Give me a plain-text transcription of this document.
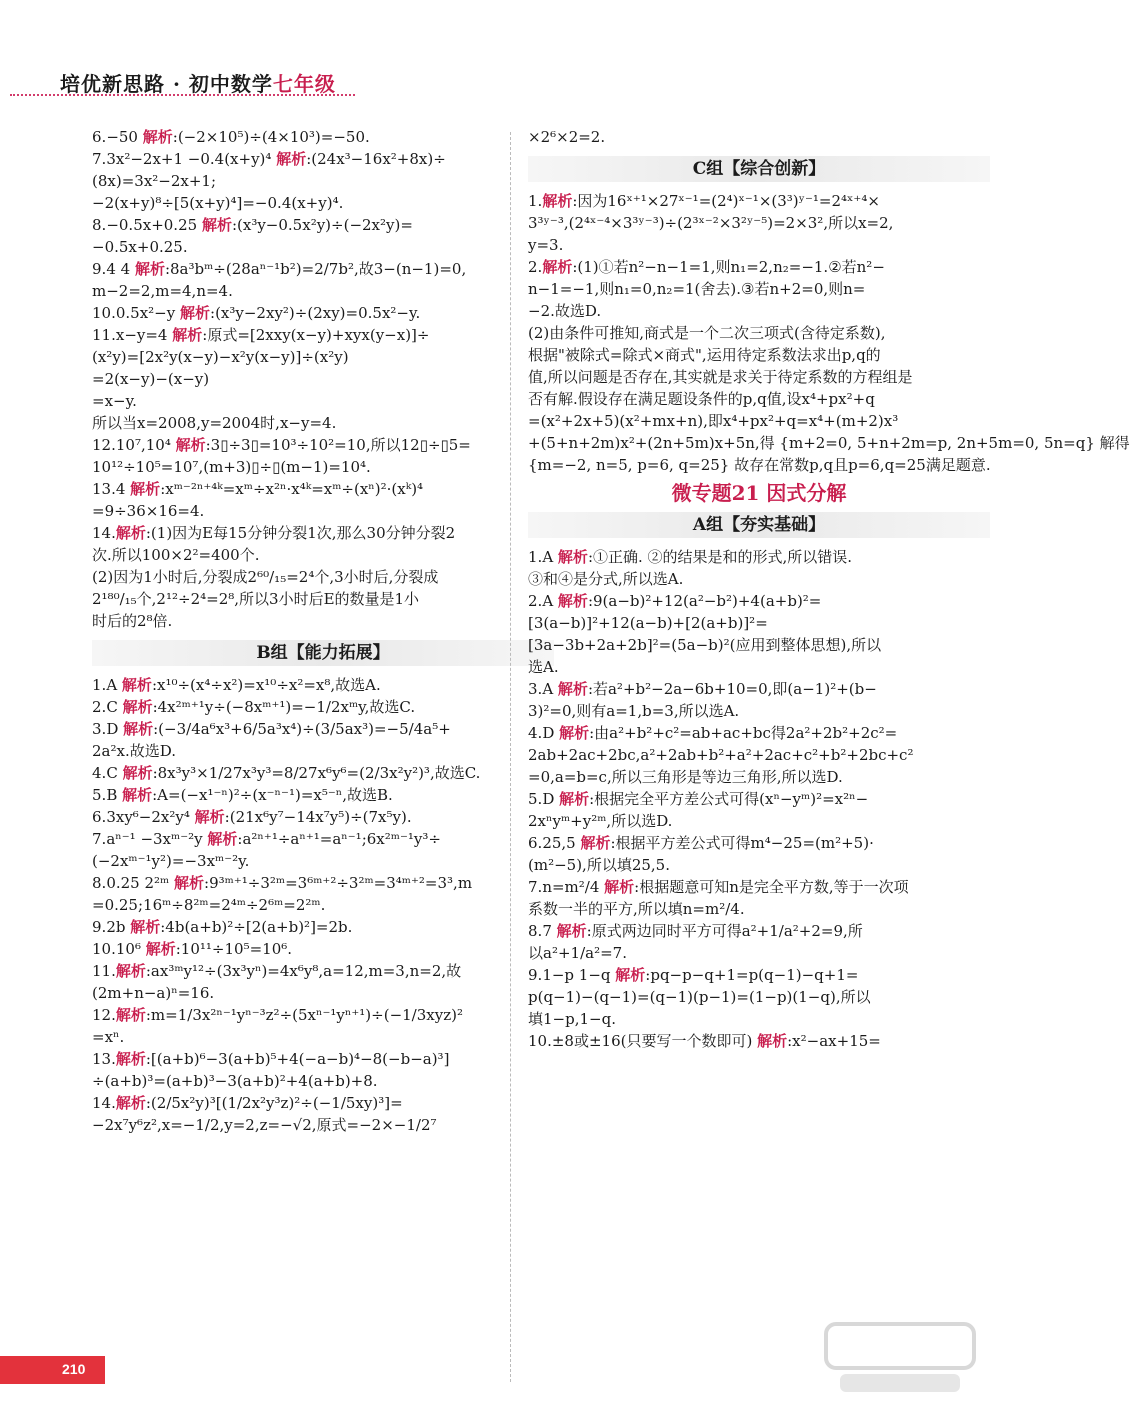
培优新思路 · 初中数学七年级

6.−50 解析:(−2×10⁵)÷(4×10³)=−50.

7.3x²−2x+1 −0.4(x+y)⁴ 解析:(24x³−16x²+8x)÷

(8x)=3x²−2x+1;

−2(x+y)⁸÷[5(x+y)⁴]=−0.4(x+y)⁴.

8.−0.5x+0.25 解析:(x³y−0.5x²y)÷(−2x²y)=

−0.5x+0.25.

9.4 4 解析:8a³bᵐ÷(28aⁿ⁻¹b²)=2/7b²,故3−(n−1)=0,

m−2=2,m=4,n=4.

10.0.5x²−y 解析:(x³y−2xy²)÷(2xy)=0.5x²−y.

11.x−y=4 解析:原式=[2xxy(x−y)+xyx(y−x)]÷

(x²y)=[2x²y(x−y)−x²y(x−y)]÷(x²y)

=2(x−y)−(x−y)

=x−y.

所以当x=2008,y=2004时,x−y=4.

12.10⁷,10⁴ 解析:3▯÷3▯=10³÷10²=10,所以12▯÷▯5=

10¹²÷10⁵=10⁷,(m+3)▯÷▯(m−1)=10⁴.

13.4 解析:xᵐ⁻²ⁿ⁺⁴ᵏ=xᵐ÷x²ⁿ·x⁴ᵏ=xᵐ÷(xⁿ)²·(xᵏ)⁴

=9÷36×16=4.

14.解析:(1)因为E每15分钟分裂1次,那么30分钟分裂2

次.所以100×2²=400个.

(2)因为1小时后,分裂成2⁶⁰/₁₅=2⁴个,3小时后,分裂成

2¹⁸⁰/₁₅个,2¹²÷2⁴=2⁸,所以3小时后E的数量是1小

时后的2⁸倍.

B组【能力拓展】

1.A 解析:x¹⁰÷(x⁴÷x²)=x¹⁰÷x²=x⁸,故选A.

2.C 解析:4x²ᵐ⁺¹y÷(−8xᵐ⁺¹)=−1/2xᵐy,故选C.

3.D 解析:(−3/4a⁶x³+6/5a³x⁴)÷(3/5ax³)=−5/4a⁵+

2a²x.故选D.

4.C 解析:8x³y³×1/27x³y³=8/27x⁶y⁶=(2/3x²y²)³,故选C.

5.B 解析:A=(−x¹⁻ⁿ)²÷(x⁻ⁿ⁻¹)=x⁵⁻ⁿ,故选B.

6.3xy⁶−2x²y⁴ 解析:(21x⁶y⁷−14x⁷y⁵)÷(7x⁵y).

7.aⁿ⁻¹ −3xᵐ⁻²y 解析:a²ⁿ⁺¹÷aⁿ⁺¹=aⁿ⁻¹;6x²ᵐ⁻¹y³÷

(−2xᵐ⁻¹y²)=−3xᵐ⁻²y.

8.0.25 2²ᵐ 解析:9³ᵐ⁺¹÷3²ᵐ=3⁶ᵐ⁺²÷3²ᵐ=3⁴ᵐ⁺²=3³,m

=0.25;16ᵐ÷8²ᵐ=2⁴ᵐ÷2⁶ᵐ=2²ᵐ.

9.2b 解析:4b(a+b)²÷[2(a+b)²]=2b.

10.10⁶ 解析:10¹¹÷10⁵=10⁶.

11.解析:ax³ᵐy¹²÷(3x³yⁿ)=4x⁶y⁸,a=12,m=3,n=2,故

(2m+n−a)ⁿ=16.

12.解析:m=1/3x²ⁿ⁻¹yⁿ⁻³z²÷(5xⁿ⁻¹yⁿ⁺¹)÷(−1/3xyz)²

=xⁿ.

13.解析:[(a+b)⁶−3(a+b)⁵+4(−a−b)⁴−8(−b−a)³]

÷(a+b)³=(a+b)³−3(a+b)²+4(a+b)+8.

14.解析:(2/5x²y)³[(1/2x²y³z)²÷(−1/5xy)³]=

−2x⁷y⁶z²,x=−1/2,y=2,z=−√2,原式=−2×−1/2⁷

×2⁶×2=2.

C组【综合创新】

1.解析:因为16ˣ⁺¹×27ˣ⁻¹=(2⁴)ˣ⁻¹×(3³)ʸ⁻¹=2⁴ˣ⁺⁴×

3³ʸ⁻³,(2⁴ˣ⁻⁴×3³ʸ⁻³)÷(2³ˣ⁻²×3²ʸ⁻⁵)=2×3²,所以x=2,

y=3.

2.解析:(1)①若n²−n−1=1,则n₁=2,n₂=−1.②若n²−

n−1=−1,则n₁=0,n₂=1(舍去).③若n+2=0,则n=

−2.故选D.

(2)由条件可推知,商式是一个二次三项式(含待定系数),

根据"被除式=除式×商式",运用待定系数法求出p,q的

值,所以问题是否存在,其实就是求关于待定系数的方程组是

否有解.假设存在满足题设条件的p,q值,设x⁴+px²+q

=(x²+2x+5)(x²+mx+n),即x⁴+px²+q=x⁴+(m+2)x³

+(5+n+2m)x²+(2n+5m)x+5n,得 {m+2=0, 5+n+2m=p, 2n+5m=0, 5n=q} 解得

{m=−2, n=5, p=6, q=25} 故存在常数p,q且p=6,q=25满足题意.

微专题21 因式分解
A组【夯实基础】

1.A 解析:①正确. ②的结果是和的形式,所以错误.

③和④是分式,所以选A.

2.A 解析:9(a−b)²+12(a²−b²)+4(a+b)²=

[3(a−b)]²+12(a−b)+[2(a+b)]²=

[3a−3b+2a+2b]²=(5a−b)²(应用到整体思想),所以

选A.

3.A 解析:若a²+b²−2a−6b+10=0,即(a−1)²+(b−

3)²=0,则有a=1,b=3,所以选A.

4.D 解析:由a²+b²+c²=ab+ac+bc得2a²+2b²+2c²=

2ab+2ac+2bc,a²+2ab+b²+a²+2ac+c²+b²+2bc+c²

=0,a=b=c,所以三角形是等边三角形,所以选D.

5.D 解析:根据完全平方差公式可得(xⁿ−yᵐ)²=x²ⁿ−

2xⁿyᵐ+y²ᵐ,所以选D.

6.25,5 解析:根据平方差公式可得m⁴−25=(m²+5)·

(m²−5),所以填25,5.

7.n=m²/4 解析:根据题意可知n是完全平方数,等于一次项

系数一半的平方,所以填n=m²/4.

8.7 解析:原式两边同时平方可得a²+1/a²+2=9,所

以a²+1/a²=7.

9.1−p 1−q 解析:pq−p−q+1=p(q−1)−q+1=

p(q−1)−(q−1)=(q−1)(p−1)=(1−p)(1−q),所以

填1−p,1−q.

10.±8或±16(只要写一个数即可) 解析:x²−ax+15=

210
